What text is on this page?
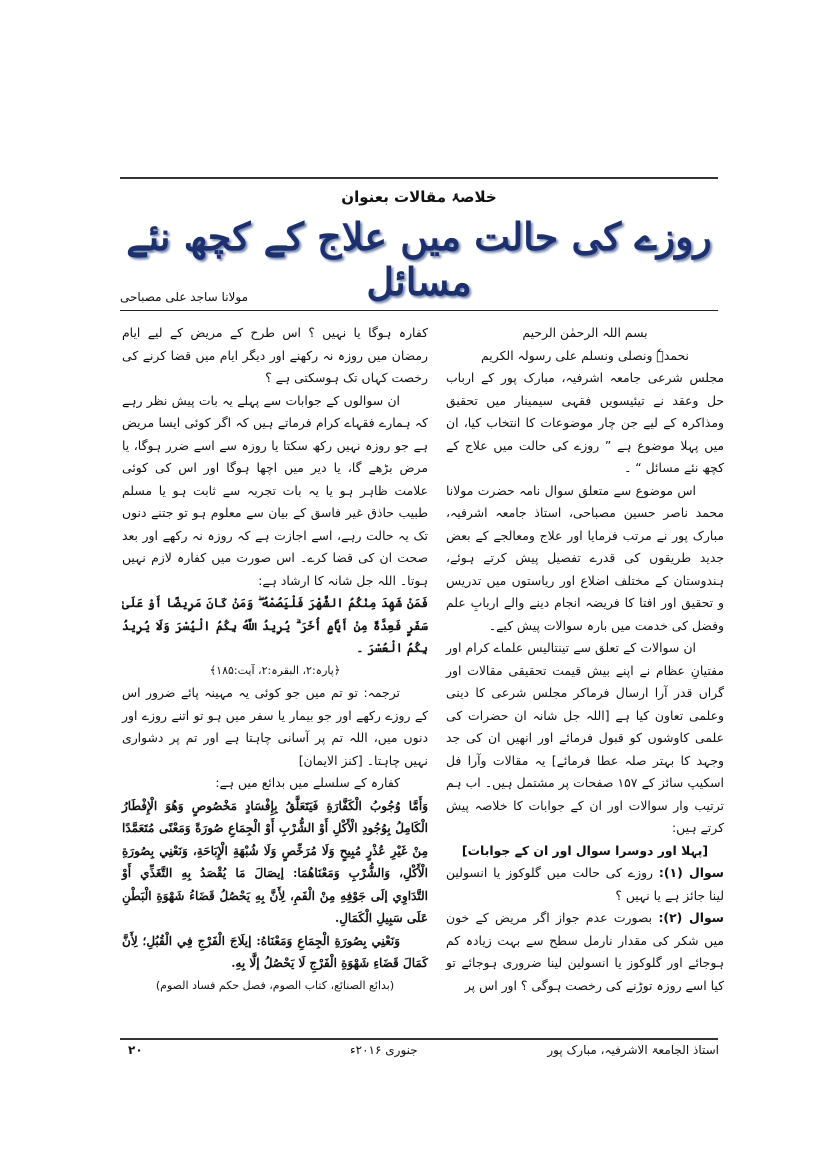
خلاصۂ مقالات بعنوان
روزے کی حالت میں علاج کے کچھ نئے مسائل
مولانا ساجد علی مصباحی

بسم اللہ الرحمٰن الرحیم

نحمدہٗ ونصلی ونسلم علی رسولہ الکریم

مجلس شرعی جامعہ اشرفیہ، مبارک پور کے ارباب حل وعقد نے تیئیسویں فقہی سیمینار میں تحقیق ومذاکرہ کے لیے جن چار موضوعات کا انتخاب کیا، ان میں پہلا موضوع ہے ” روزے کی حالت میں علاج کے کچھ نئے مسائل “ ۔

اس موضوع سے متعلق سوال نامہ حضرت مولانا محمد ناصر حسین مصباحی، استاذ جامعہ اشرفیہ، مبارک پور نے مرتب فرمایا اور علاج ومعالجے کے بعض جدید طریقوں کی قدرے تفصیل پیش کرتے ہوئے، ہندوستان کے مختلف اضلاع اور ریاستوں میں تدریس و تحقیق اور افتا کا فریضہ انجام دینے والے اربابِ علم وفضل کی خدمت میں بارہ سوالات پیش کیے۔

ان سوالات کے تعلق سے تینتالیس علماے کرام اور مفتیانِ عظام نے اپنے بیش قیمت تحقیقی مقالات اور گراں قدر آرا ارسال فرماکر مجلس شرعی کا دینی وعلمی تعاون کیا ہے [اللہ جل شانہ ان حضرات کی علمی کاوشوں کو قبول فرمائے اور انھیں ان کی جد وجہد کا بہتر صلہ عطا فرمائے] یہ مقالات وآرا فل اسکیپ سائز کے ۱۵۷ صفحات پر مشتمل ہیں۔ اب ہم ترتیب وار سوالات اور ان کے جوابات کا خلاصہ پیش کرتے ہیں:

[پہلا اور دوسرا سوال اور ان کے جوابات]

سوال (۱): روزے کی حالت میں گلوکوز یا انسولین لینا جائز ہے یا نہیں ؟

سوال (۲): بصورت عدم جواز اگر مریض کے خون میں شکر کی مقدار نارمل سطح سے بہت زیادہ کم ہوجائے اور گلوکوز یا انسولین لینا ضروری ہوجائے تو کیا اسے روزہ توڑنے کی رخصت ہوگی ؟ اور اس پر

کفارہ ہوگا یا نہیں ؟ اس طرح کے مریض کے لیے ایام رمضان میں روزہ نہ رکھنے اور دیگر ایام میں قضا کرنے کی رخصت کہاں تک ہوسکتی ہے ؟

ان سوالوں کے جوابات سے پہلے یہ بات پیش نظر رہے کہ ہمارے فقہاے کرام فرماتے ہیں کہ اگر کوئی ایسا مریض ہے جو روزہ نہیں رکھ سکتا یا روزہ سے اسے ضرر ہوگا، یا مرض بڑھے گا، یا دیر میں اچھا ہوگا اور اس کی کوئی علامت ظاہر ہو یا یہ بات تجربہ سے ثابت ہو یا مسلم طبیب حاذق غیر فاسق کے بیان سے معلوم ہو تو جتنے دنوں تک یہ حالت رہے، اسے اجازت ہے کہ روزہ نہ رکھے اور بعد صحت ان کی قضا کرے۔ اس صورت میں کفارہ لازم نہیں ہوتا۔ اللہ جل شانہ کا ارشاد ہے:

فَمَنْ شَهِدَ مِنْكُمُ الشَّهْرَ فَلْيَصُمْهُ ۖ وَمَنْ كَانَ مَرِيضًا أَوْ عَلَىٰ سَفَرٍ فَعِدَّةٌ مِنْ أَيَّامٍ أُخَرَ ۗ يُرِيدُ اللَّهُ بِكُمُ الْيُسْرَ وَلَا يُرِيدُ بِكُمُ الْعُسْرَ ۔

﴿پارہ:۲، البقرہ:۲، آیت:۱۸۵﴾

ترجمہ: تو تم میں جو کوئی یہ مہینہ پائے ضرور اس کے روزے رکھے اور جو بیمار یا سفر میں ہو تو اتنے روزے اور دنوں میں، اللہ تم پر آسانی چاہتا ہے اور تم پر دشواری نہیں چاہتا۔ [کنز الایمان]

کفارہ کے سلسلے میں بدائع میں ہے:

وَأَمَّا وُجُوبُ الْكَفَّارَةِ فَيَتَعَلَّقُ بِإِفْسَادٍ مَخْصُوصٍ وَهُوَ الْإِفْطَارُ الْكَامِلُ بِوُجُودِ الْأَكْلِ أَوْ الشُّرْبِ أَوْ الْجِمَاعِ صُورَةً وَمَعْنًى مُتَعَمَّدًا مِنْ غَيْرِ عُذْرٍ مُبِيحٍ وَلَا مُرَخِّصٍ وَلَا شُبْهَةِ الْإِبَاحَةِ، وَنَعْنِي بِصُورَةِ الْأَكْلِ، وَالشُّرْبِ وَمَعْنَاهُمَا: إيصَالَ مَا يُقْصَدُ بِهِ التَّغَذِّي أَوْ التَّدَاوِي إلَى جَوْفِهِ مِنْ الْفَمِ، لِأَنَّ بِهِ يَحْصُلُ قَضَاءُ شَهْوَةِ الْبَطْنِ عَلَى سَبِيلِ الْكَمَالِ.

وَنَعْنِي بِصُورَةِ الْجِمَاعِ وَمَعْنَاهُ: إيلَاجَ الْفَرْجِ فِي الْقُبُلِ؛ لِأَنَّ كَمَالَ قَضَاءِ شَهْوَةِ الْفَرْجِ لَا يَحْصُلُ إلَّا بِهِ.

(بدائع الصنائع، کتاب الصوم، فصل حکم فساد الصوم)

استاذ الجامعۃ الاشرفیہ، مبارک پور
جنوری ۲۰۱۶ء
۲۰
